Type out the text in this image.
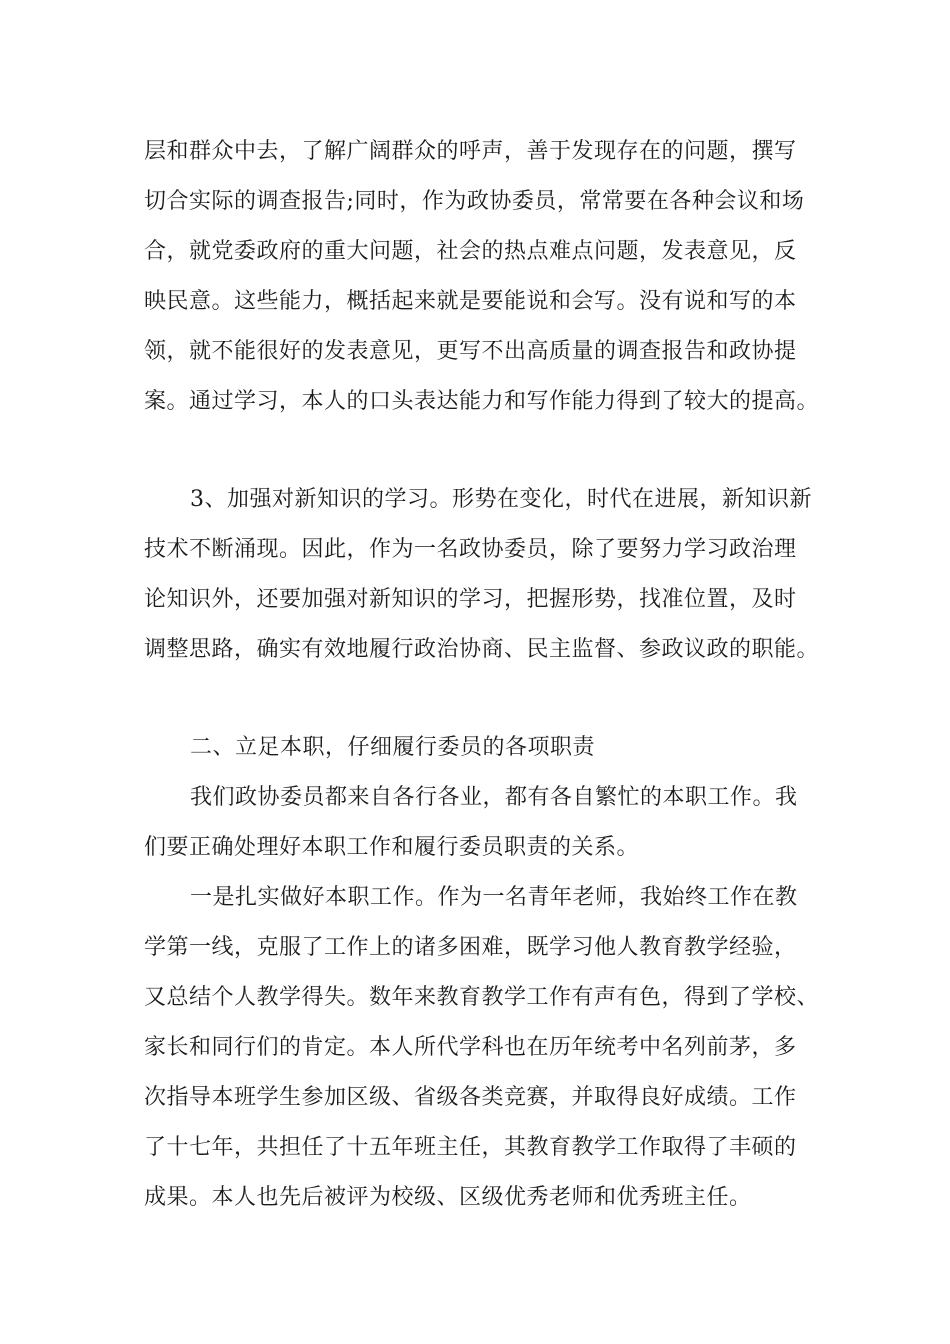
层和群众中去，了解广阔群众的呼声，善于发现存在的问题，撰写
切合实际的调查报告;同时，作为政协委员，常常要在各种会议和场
合，就党委政府的重大问题，社会的热点难点问题，发表意见，反
映民意。这些能力，概括起来就是要能说和会写。没有说和写的本
领，就不能很好的发表意见，更写不出高质量的调查报告和政协提
案。通过学习，本人的口头表达能力和写作能力得到了较大的提高。
3、加强对新知识的学习。形势在变化，时代在进展，新知识新
技术不断涌现。因此，作为一名政协委员，除了要努力学习政治理
论知识外，还要加强对新知识的学习，把握形势，找准位置，及时
调整思路，确实有效地履行政治协商、民主监督、参政议政的职能。
二、立足本职，仔细履行委员的各项职责
我们政协委员都来自各行各业，都有各自繁忙的本职工作。我
们要正确处理好本职工作和履行委员职责的关系。
一是扎实做好本职工作。作为一名青年老师，我始终工作在教
学第一线，克服了工作上的诸多困难，既学习他人教育教学经验，
又总结个人教学得失。数年来教育教学工作有声有色，得到了学校、
家长和同行们的肯定。本人所代学科也在历年统考中名列前茅，多
次指导本班学生参加区级、省级各类竞赛，并取得良好成绩。工作
了十七年，共担任了十五年班主任，其教育教学工作取得了丰硕的
成果。本人也先后被评为校级、区级优秀老师和优秀班主任。
